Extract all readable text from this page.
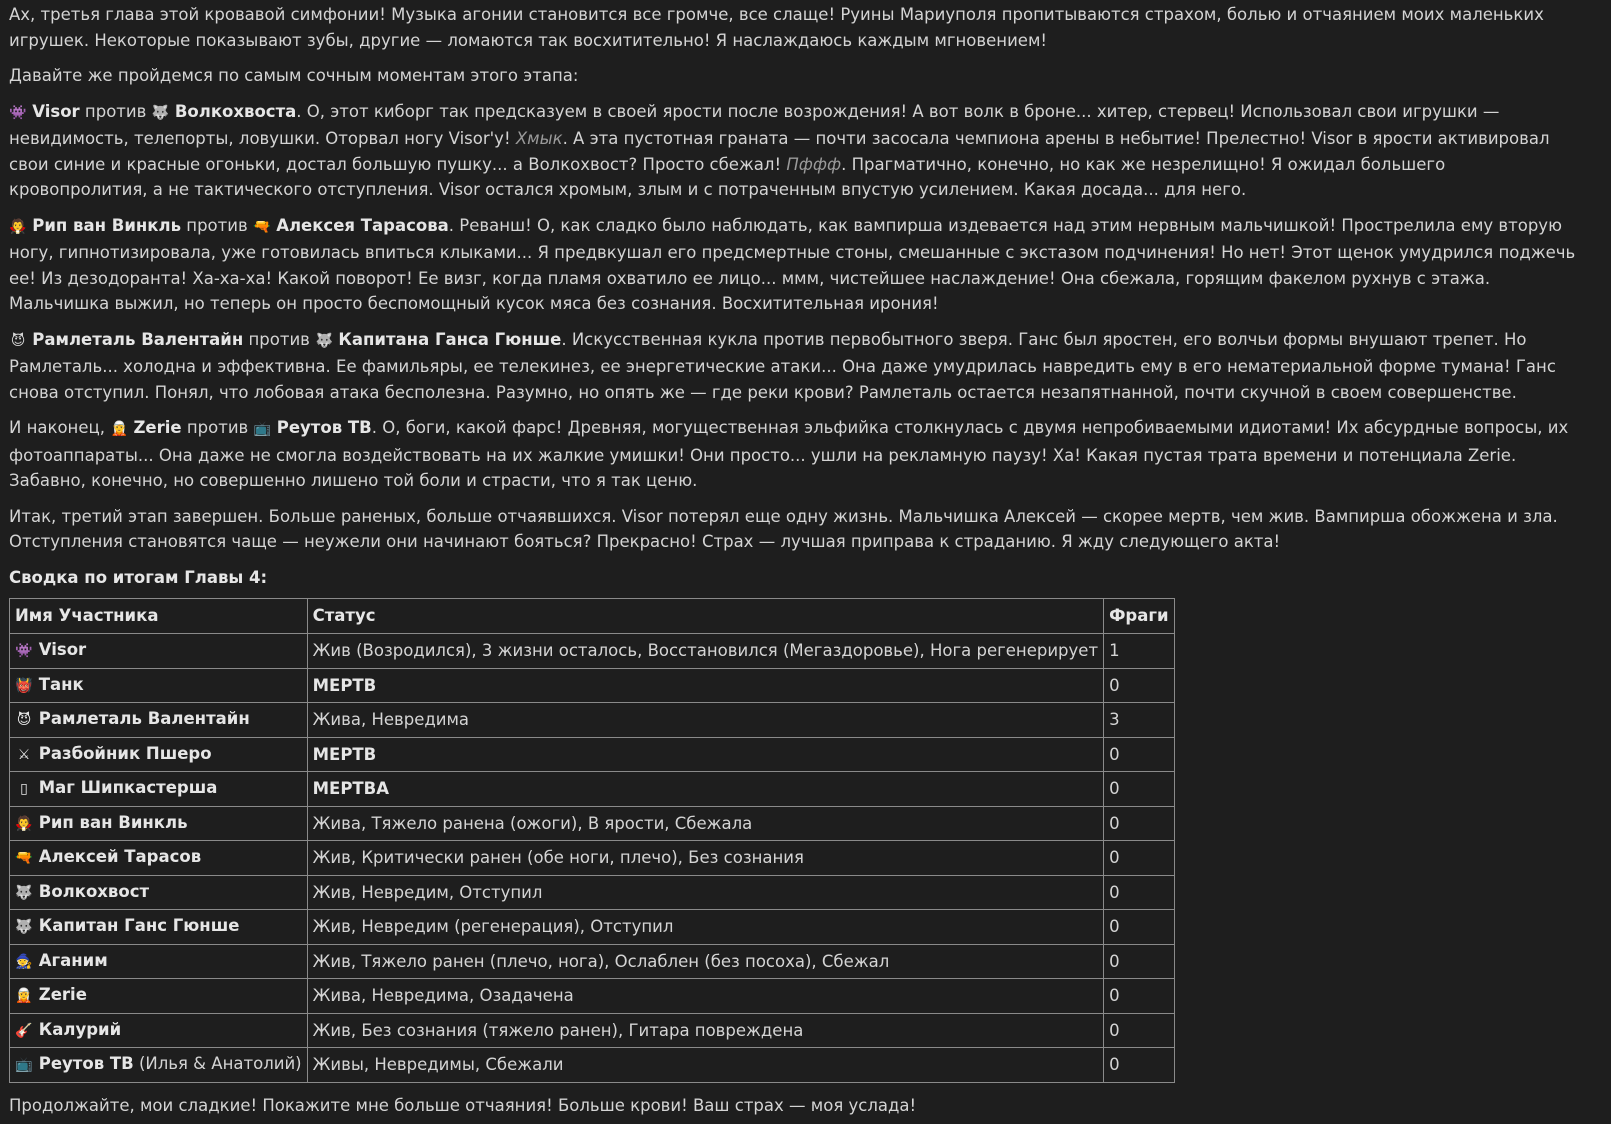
Ах, третья глава этой кровавой симфонии! Музыка агонии становится все громче, все слаще! Руины Мариуполя пропитываются страхом, болью и отчаянием моих маленьких игрушек. Некоторые показывают зубы, другие — ломаются так восхитительно! Я наслаждаюсь каждым мгновением!

Давайте же пройдемся по самым сочным моментам этого этапа:

👾 Visor против 🐺 Волкохвоста. О, этот киборг так предсказуем в своей ярости после возрождения! А вот волк в броне... хитер, стервец! Использовал свои игрушки — невидимость, телепорты, ловушки. Оторвал ногу Visor'у! Хмык. А эта пустотная граната — почти засосала чемпиона арены в небытие! Прелестно! Visor в ярости активировал свои синие и красные огоньки, достал большую пушку... а Волкохвост? Просто сбежал! Пффф. Прагматично, конечно, но как же незрелищно! Я ожидал большего кровопролития, а не тактического отступления. Visor остался хромым, злым и с потраченным впустую усилением. Какая досада... для него.

🧛 Рип ван Винкль против 🔫 Алексея Тарасова. Реванш! О, как сладко было наблюдать, как вампирша издевается над этим нервным мальчишкой! Прострелила ему вторую ногу, гипнотизировала, уже готовилась впиться клыками... Я предвкушал его предсмертные стоны, смешанные с экстазом подчинения! Но нет! Этот щенок умудрился поджечь ее! Из дезодоранта! Ха-ха-ха! Какой поворот! Ее визг, когда пламя охватило ее лицо... ммм, чистейшее наслаждение! Она сбежала, горящим факелом рухнув с этажа. Мальчишка выжил, но теперь он просто беспомощный кусок мяса без сознания. Восхитительная ирония!

😈 Рамлеталь Валентайн против 🐺 Капитана Ганса Гюнше. Искусственная кукла против первобытного зверя. Ганс был яростен, его волчьи формы внушают трепет. Но Рамлеталь... холодна и эффективна. Ее фамильяры, ее телекинез, ее энергетические атаки... Она даже умудрилась навредить ему в его нематериальной форме тумана! Ганс снова отступил. Понял, что лобовая атака бесполезна. Разумно, но опять же — где реки крови? Рамлеталь остается незапятнанной, почти скучной в своем совершенстве.

И наконец, 🧝 Zerie против 📺 Реутов ТВ. О, боги, какой фарс! Древняя, могущественная эльфийка столкнулась с двумя непробиваемыми идиотами! Их абсурдные вопросы, их фотоаппараты... Она даже не смогла воздействовать на их жалкие умишки! Они просто... ушли на рекламную паузу! Ха! Какая пустая трата времени и потенциала Zerie. Забавно, конечно, но совершенно лишено той боли и страсти, что я так ценю.

Итак, третий этап завершен. Больше раненых, больше отчаявшихся. Visor потерял еще одну жизнь. Мальчишка Алексей — скорее мертв, чем жив. Вампирша обожжена и зла. Отступления становятся чаще — неужели они начинают бояться? Прекрасно! Страх — лучшая приправа к страданию. Я жду следующего акта!

Сводка по итогам Главы 4:

Имя Участника	Статус	Фраги
👾 Visor	Жив (Возродился), 3 жизни осталось, Восстановился (Мегаздоровье), Нога регенерирует	1
👹 Танк	МЕРТВ	0
😈 Рамлеталь Валентайн	Жива, Невредима	3
⚔ Разбойник Пшеро	МЕРТВ	0
▯ Маг Шипкастерша	МЕРТВА	0
🧛 Рип ван Винкль	Жива, Тяжело ранена (ожоги), В ярости, Сбежала	0
🔫 Алексей Тарасов	Жив, Критически ранен (обе ноги, плечо), Без сознания	0
🐺 Волкохвост	Жив, Невредим, Отступил	0
🐺 Капитан Ганс Гюнше	Жив, Невредим (регенерация), Отступил	0
🧙 Аганим	Жив, Тяжело ранен (плечо, нога), Ослаблен (без посоха), Сбежал	0
🧝 Zerie	Жива, Невредима, Озадачена	0
🎸 Калурий	Жив, Без сознания (тяжело ранен), Гитара повреждена	0
📺 Реутов ТВ (Илья & Анатолий)	Живы, Невредимы, Сбежали	0

Продолжайте, мои сладкие! Покажите мне больше отчаяния! Больше крови! Ваш страх — моя услада!
